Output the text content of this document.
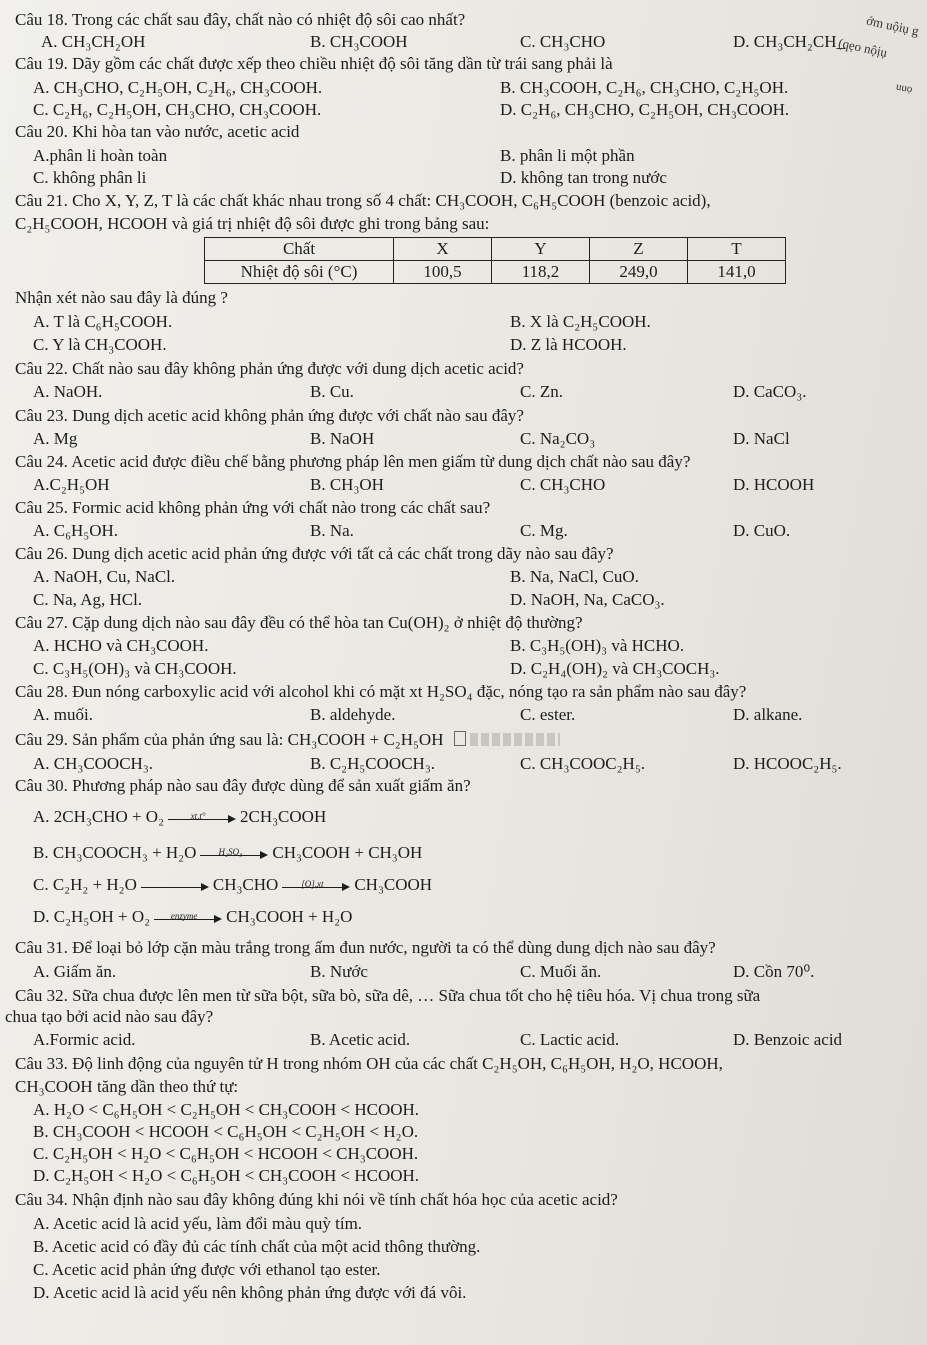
ớm uộiụ g
(qẹo nộịụ
uuọ
Câu 18. Trong các chất sau đây, chất nào có nhiệt độ sôi cao nhất?
A. CH₃CH₂OH	B. CH₃COOH	C. CH₃CHO	D. CH₃CH₂CH_
Câu 19. Dãy gồm các chất được xếp theo chiều nhiệt độ sôi tăng dần từ trái sang phải là
A. CH₃CHO, C₂H₅OH, C₂H₆, CH₃COOH.	B. CH₃COOH, C₂H₆, CH₃CHO, C₂H₅OH.
C. C₂H₆, C₂H₅OH, CH₃CHO, CH₃COOH.	D. C₂H₆, CH₃CHO, C₂H₅OH, CH₃COOH.
Câu 20. Khi hòa tan vào nước, acetic acid
A.phân li hoàn toàn	B. phân li một phần
C. không phân li	D. không tan trong nước
Câu 21. Cho X, Y, Z, T là các chất khác nhau trong số 4 chất: CH₃COOH, C₆H₅COOH (benzoic acid),
C₂H₅COOH, HCOOH và giá trị nhiệt độ sôi được ghi trong bảng sau:
Chất	X	Y	Z	T
Nhiệt độ sôi (°C)	100,5	118,2	249,0	141,0
Nhận xét nào sau đây là đúng ?
A. T là C₆H₅COOH.	B. X là C₂H₅COOH.
C. Y là CH₃COOH.	D. Z là HCOOH.
Câu 22. Chất nào sau đây không phản ứng được với dung dịch acetic acid?
A. NaOH.	B. Cu.	C. Zn.	D. CaCO₃.
Câu 23. Dung dịch acetic acid không phản ứng được với chất nào sau đây?
A. Mg	B. NaOH	C. Na₂CO₃	D. NaCl
Câu 24. Acetic acid được điều chế bằng phương pháp lên men giấm từ dung dịch chất nào sau đây?
A.C₂H₅OH	B. CH₃OH	C. CH₃CHO	D. HCOOH
Câu 25. Formic acid không phản ứng với chất nào trong các chất sau?
A. C₆H₅OH.	B. Na.	C. Mg.	D. CuO.
Câu 26. Dung dịch acetic acid phản ứng được với tất cả các chất trong dãy nào sau đây?
A. NaOH, Cu, NaCl.	B. Na, NaCl, CuO.
C. Na, Ag, HCl.	D. NaOH, Na, CaCO₃.
Câu 27. Cặp dung dịch nào sau đây đều có thể hòa tan Cu(OH)₂ ở nhiệt độ thường?
A. HCHO và CH₃COOH.	B. C₃H₅(OH)₃ và HCHO.
C. C₃H₅(OH)₃ và CH₃COOH.	D. C₂H₄(OH)₂ và CH₃COCH₃.
Câu 28. Đun nóng carboxylic acid với alcohol khi có mặt xt H₂SO₄ đặc, nóng tạo ra sản phẩm nào sau đây?
A. muối.	B. aldehyde.	C. ester.	D. alkane.
Câu 29. Sản phẩm của phản ứng sau là: CH₃COOH + C₂H₅OH
A. CH₃COOCH₃.	B. C₂H₅COOCH₃.	C. CH₃COOC₂H₅.	D. HCOOC₂H₅.
Câu 30. Phương pháp nào sau đây được dùng để sản xuất giấm ăn?
A. 2CH₃CHO + O₂	xt,t°	2CH₃COOH
B. CH₃COOCH₃ + H₂O	H₂SO₄	CH₃COOH + CH₃OH
C. C₂H₂ + H₂O	CH₃CHO	[O],xt	CH₃COOH
D. C₂H₅OH + O₂	enzyme	CH₃COOH + H₂O
Câu 31. Để loại bỏ lớp cặn màu trắng trong ấm đun nước, người ta có thể dùng dung dịch nào sau đây?
A. Giấm ăn.	B. Nước	C. Muối ăn.	D. Cồn 70⁰.
Câu 32. Sữa chua được lên men từ sữa bột, sữa bò, sữa dê, … Sữa chua tốt cho hệ tiêu hóa. Vị chua trong sữa
chua tạo bởi acid nào sau đây?
A.Formic acid.	B. Acetic acid.	C. Lactic acid.	D. Benzoic acid
Câu 33. Độ linh động của nguyên tử H trong nhóm OH của các chất C₂H₅OH, C₆H₅OH, H₂O, HCOOH,
CH₃COOH tăng dần theo thứ tự:
A. H₂O < C₆H₅OH < C₂H₅OH < CH₃COOH < HCOOH.
B. CH₃COOH < HCOOH < C₆H₅OH < C₂H₅OH < H₂O.
C. C₂H₅OH < H₂O < C₆H₅OH < HCOOH < CH₃COOH.
D. C₂H₅OH < H₂O < C₆H₅OH < CH₃COOH < HCOOH.
Câu 34. Nhận định nào sau đây không đúng khi nói về tính chất hóa học của acetic acid?
A. Acetic acid là acid yếu, làm đổi màu quỳ tím.
B. Acetic acid có đầy đủ các tính chất của một acid thông thường.
C. Acetic acid phản ứng được với ethanol tạo ester.
D. Acetic acid là acid yếu nên không phản ứng được với đá vôi.
